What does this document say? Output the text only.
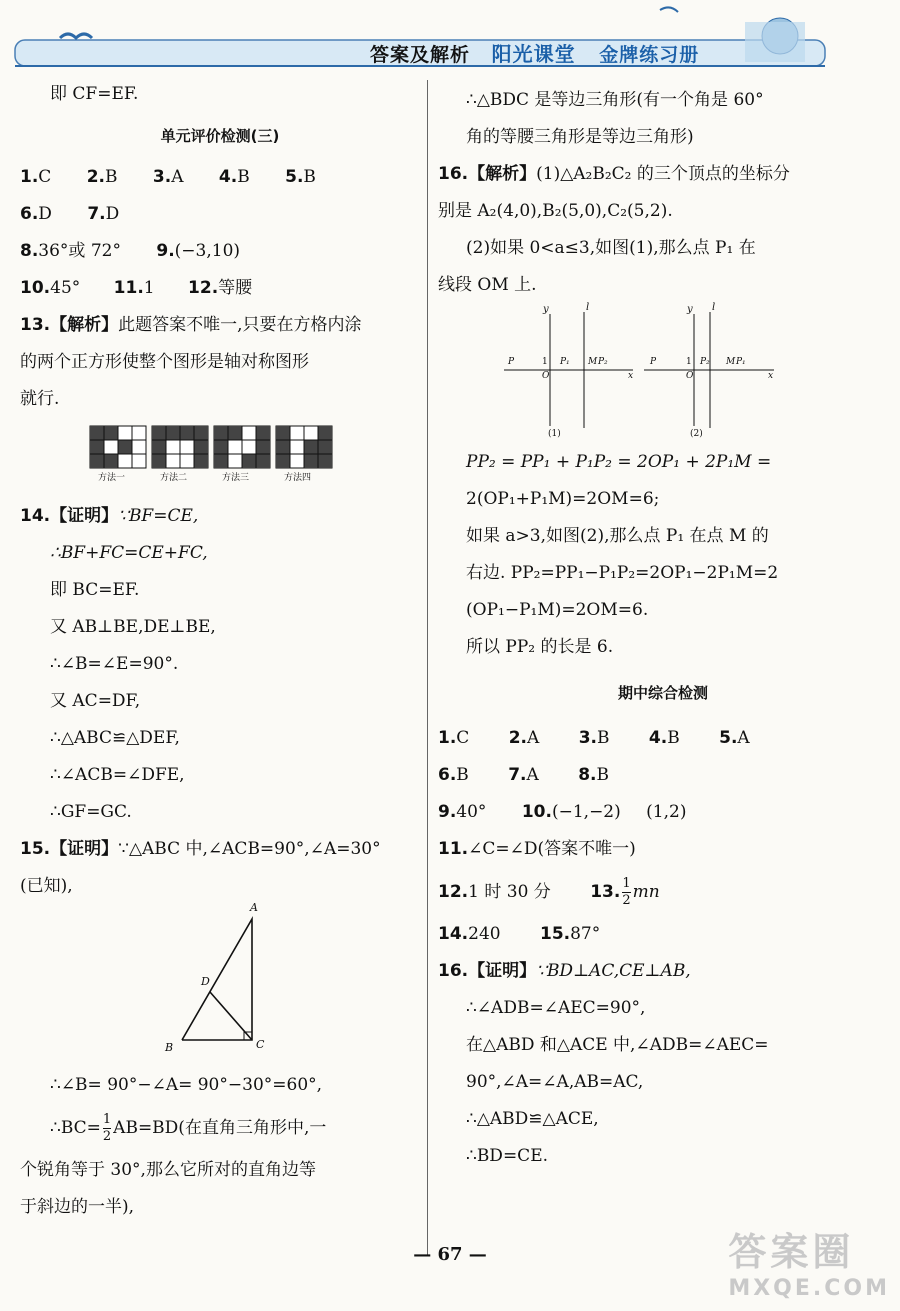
答案及解析 阳光课堂 金牌练习册
即 CF=EF.
单元评价检测(三)
1.C 2.B 3.A 4.B 5.B
6.D 7.D
8.36°或 72° 9.(−3,10)
10.45° 11.1 12.等腰
13.【解析】此题答案不唯一,只要在方格内涂
的两个正方形使整个图形是轴对称图形
就行.
方法一	方法二	方法三	方法四
14.【证明】∵BF=CE,
∴BF+FC=CE+FC,
即 BC=EF.
又 AB⊥BE,DE⊥BE,
∴∠B=∠E=90°.
又 AC=DF,
∴△ABC≌△DEF,
∴∠ACB=∠DFE,
∴GF=GC.
15.【证明】∵△ABC 中,∠ACB=90°,∠A=30°
(已知),
A
D
B	C
∴∠B= 90°−∠A= 90°−30°=60°,
∴BC= $\frac{1}{2} AB=BD$(在直角三角形中,一
个锐角等于 30°,那么它所对的直角边等
于斜边的一半),
∴△BDC 是等边三角形(有一个角是 60°
角的等腰三角形是等边三角形)
16.【解析】(1)△A₂B₂C₂ 的三个顶点的坐标分
别是 A₂(4,0),B₂(5,0),C₂(5,2).
(2)如果 0<a≤3,如图(1),那么点 P₁ 在
线段 OM 上.
y	l
P	1 P₁ M P₂
O	x
(1)
y l
P	1 P₂ M P₁
O	x
(2)
PP₂ = PP₁ + P₁P₂ = 2OP₁ + 2P₁M =
2(OP₁+P₁M)=2OM=6;
如果 a>3,如图(2),那么点 P₁ 在点 M 的
右边. PP₂=PP₁−P₁P₂=2OP₁−2P₁M=2
(OP₁−P₁M)=2OM=6.
所以 PP₂ 的长是 6.
期中综合检测
1.C 2.A 3.B 4.B 5.A
6.B 7.A 8.B
9.40° 10.(−1,−2) (1,2)
11.∠C=∠D(答案不唯一)
12.1 时 30 分 13. $\frac{1}{2}$ mn
14.240 15.87°
16.【证明】∵BD⊥AC,CE⊥AB,
∴∠ADB=∠AEC=90°,
在△ABD 和△ACE 中,∠ADB=∠AEC=
90°,∠A=∠A,AB=AC,
∴△ABD≌△ACE,
∴BD=CE.
— 67 —	答案圈
MXQE.COM
